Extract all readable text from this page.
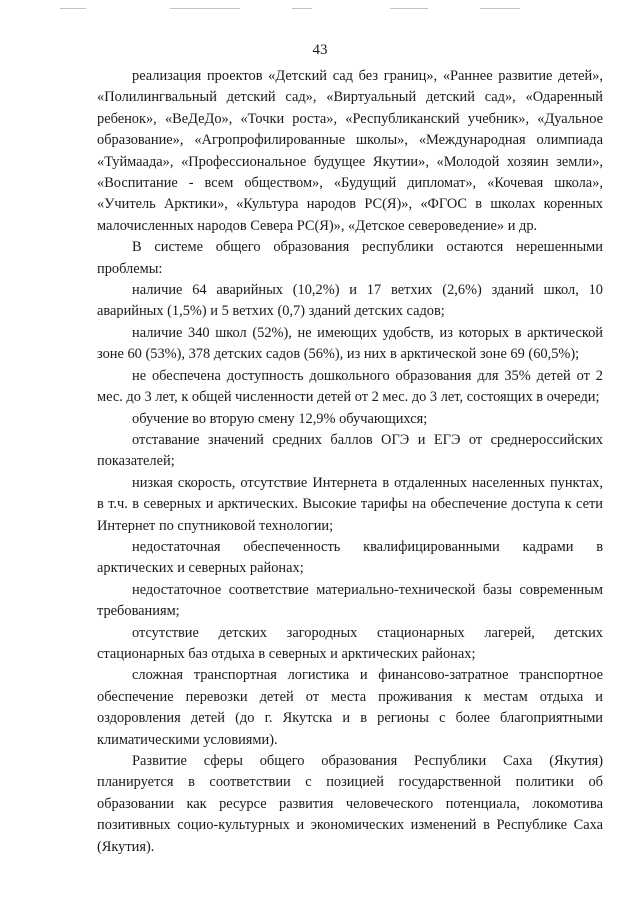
43

реализация проектов «Детский сад без границ», «Раннее развитие детей», «Полилингвальный детский сад», «Виртуальный детский сад», «Одаренный ребенок», «ВеДеДо», «Точки роста», «Республиканский учебник», «Дуальное образование», «Агропрофилированные школы», «Международная олимпиада «Туймаада», «Профессиональное будущее Якутии», «Молодой хозяин земли», «Воспитание - всем обществом», «Будущий дипломат», «Кочевая школа», «Учитель Арктики», «Культура народов РС(Я)», «ФГОС в школах коренных малочисленных народов Севера РС(Я)», «Детское североведение» и др.

В системе общего образования республики остаются нерешенными проблемы:

наличие 64 аварийных (10,2%) и 17 ветхих (2,6%) зданий школ, 10 аварийных (1,5%) и 5 ветхих (0,7) зданий детских садов;

наличие 340 школ (52%), не имеющих удобств, из которых в арктической зоне 60 (53%), 378 детских садов (56%), из них в арктической зоне 69 (60,5%);

не обеспечена доступность дошкольного образования для 35% детей от 2 мес. до 3 лет, к общей численности детей от 2 мес. до 3 лет, состоящих в очереди;

обучение во вторую смену 12,9% обучающихся;

отставание значений средних баллов ОГЭ и ЕГЭ от среднероссийских показателей;

низкая скорость, отсутствие Интернета в отдаленных населенных пунктах, в т.ч. в северных и арктических. Высокие тарифы на обеспечение доступа к сети Интернет по спутниковой технологии;

недостаточная обеспеченность квалифицированными кадрами в арктических и северных районах;

недостаточное соответствие материально-технической базы современным требованиям;

отсутствие детских загородных стационарных лагерей, детских стационарных баз отдыха в северных и арктических районах;

сложная транспортная логистика и финансово-затратное транспортное обеспечение перевозки детей от места проживания к местам отдыха и оздоровления детей (до г. Якутска и в регионы с более благоприятными климатическими условиями).

Развитие сферы общего образования Республики Саха (Якутия) планируется в соответствии с позицией государственной политики об образовании как ресурсе развития человеческого потенциала, локомотива позитивных социо-культурных и экономических изменений в Республике Саха (Якутия).
